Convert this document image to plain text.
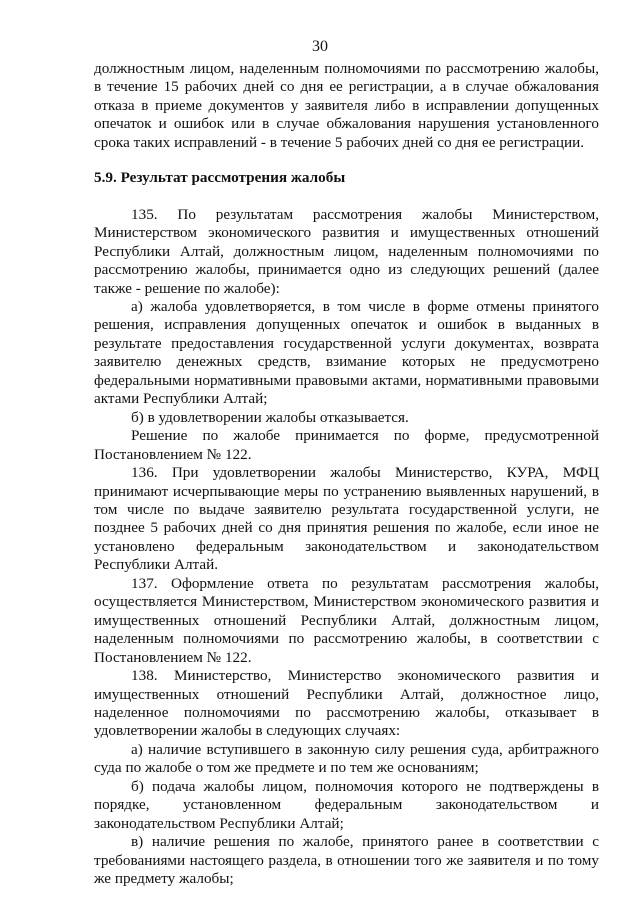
30

должностным лицом, наделенным полномочиями по рассмотрению жалобы, в течение 15 рабочих дней со дня ее регистрации, а в случае обжалования отказа в приеме документов у заявителя либо в исправлении допущенных опечаток и ошибок или в случае обжалования нарушения установленного срока таких исправлений - в течение 5 рабочих дней со дня ее регистрации.

5.9. Результат рассмотрения жалобы

135. По результатам рассмотрения жалобы Министерством, Министерством экономического развития и имущественных отношений Республики Алтай, должностным лицом, наделенным полномочиями по рассмотрению жалобы, принимается одно из следующих решений (далее также - решение по жалобе):

а) жалоба удовлетворяется, в том числе в форме отмены принятого решения, исправления допущенных опечаток и ошибок в выданных в результате предоставления государственной услуги документах, возврата заявителю денежных средств, взимание которых не предусмотрено федеральными нормативными правовыми актами, нормативными правовыми актами Республики Алтай;

б) в удовлетворении жалобы отказывается.

Решение по жалобе принимается по форме, предусмотренной Постановлением № 122.

136. При удовлетворении жалобы Министерство, КУРА, МФЦ принимают исчерпывающие меры по устранению выявленных нарушений, в том числе по выдаче заявителю результата государственной услуги, не позднее 5 рабочих дней со дня принятия решения по жалобе, если иное не установлено федеральным законодательством и законодательством Республики Алтай.

137. Оформление ответа по результатам рассмотрения жалобы, осуществляется Министерством, Министерством экономического развития и имущественных отношений Республики Алтай, должностным лицом, наделенным полномочиями по рассмотрению жалобы, в соответствии с Постановлением № 122.

138. Министерство, Министерство экономического развития и имущественных отношений Республики Алтай, должностное лицо, наделенное полномочиями по рассмотрению жалобы, отказывает в удовлетворении жалобы в следующих случаях:

а) наличие вступившего в законную силу решения суда, арбитражного суда по жалобе о том же предмете и по тем же основаниям;

б) подача жалобы лицом, полномочия которого не подтверждены в порядке, установленном федеральным законодательством и законодательством Республики Алтай;

в) наличие решения по жалобе, принятого ранее в соответствии с требованиями настоящего раздела, в отношении того же заявителя и по тому же предмету жалобы;
